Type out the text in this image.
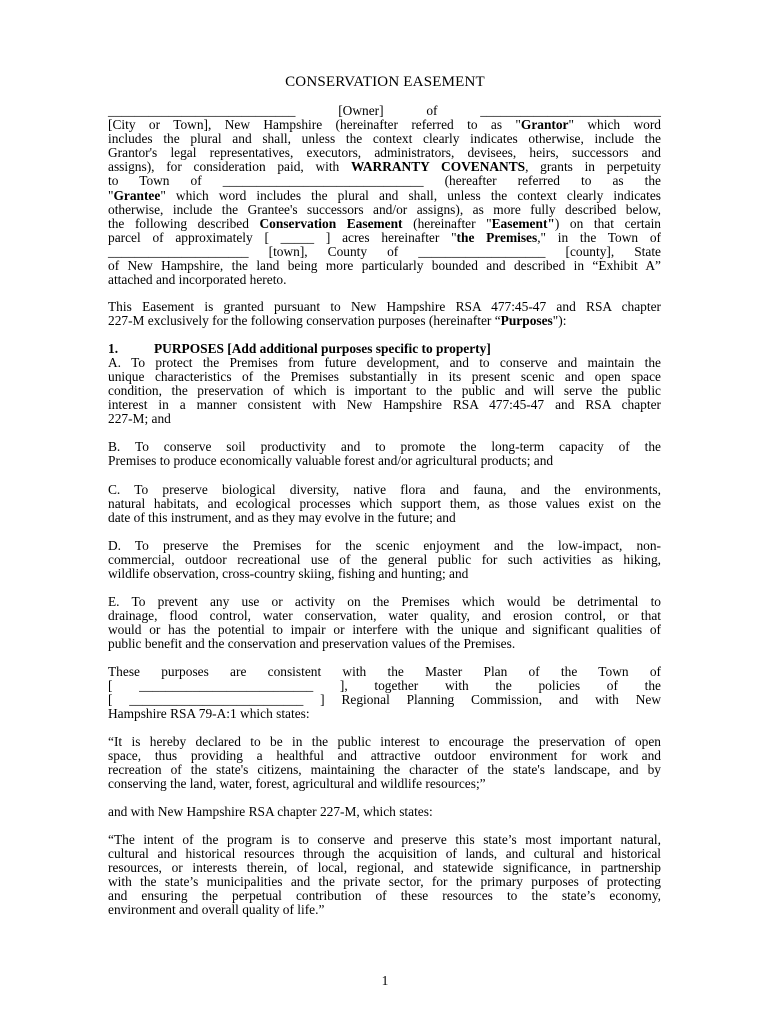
CONSERVATION EASEMENT
____________________________ [Owner] of ___________________________
[City or Town], New Hampshire (hereinafter referred to as "Grantor" which word
includes the plural and shall, unless the context clearly indicates otherwise, include the
Grantor's legal representatives, executors, administrators, devisees, heirs, successors and
assigns), for consideration paid, with WARRANTY COVENANTS, grants in perpetuity
to Town of ______________________________ (hereafter referred to as the
"Grantee" which word includes the plural and shall, unless the context clearly indicates
otherwise, include the Grantee's successors and/or assigns), as more fully described below,
the following described Conservation Easement (hereinafter "Easement") on that certain
parcel of approximately [ _____ ] acres hereinafter "the Premises," in the Town of
_____________________ [town], County of ___________________ [county], State
of New Hampshire, the land being more particularly bounded and described in “Exhibit A”
attached and incorporated hereto.
This Easement is granted pursuant to New Hampshire RSA 477:45-47 and RSA chapter
227-M exclusively for the following conservation purposes (hereinafter “Purposes"):
1.	PURPOSES [Add additional purposes specific to property]
A. To protect the Premises from future development, and to conserve and maintain the
unique characteristics of the Premises substantially in its present scenic and open space
condition, the preservation of which is important to the public and will serve the public
interest in a manner consistent with New Hampshire RSA 477:45-47 and RSA chapter
227-M; and
B. To conserve soil productivity and to promote the long-term capacity of the
Premises to produce economically valuable forest and/or agricultural products; and
C. To preserve biological diversity, native flora and fauna, and the environments,
natural habitats, and ecological processes which support them, as those values exist on the
date of this instrument, and as they may evolve in the future; and
D. To preserve the Premises for the scenic enjoyment and the low-impact, non-
commercial, outdoor recreational use of the general public for such activities as hiking,
wildlife observation, cross-country skiing, fishing and hunting; and
E. To prevent any use or activity on the Premises which would be detrimental to
drainage, flood control, water conservation, water quality, and erosion control, or that
would or has the potential to impair or interfere with the unique and significant qualities of
public benefit and the conservation and preservation values of the Premises.
These purposes are consistent with the Master Plan of the Town of
[ __________________________ ], together with the policies of the
[ __________________________ ] Regional Planning Commission, and with New
Hampshire RSA 79-A:1 which states:
“It is hereby declared to be in the public interest to encourage the preservation of open
space, thus providing a healthful and attractive outdoor environment for work and
recreation of the state's citizens, maintaining the character of the state's landscape, and by
conserving the land, water, forest, agricultural and wildlife resources;”
and with New Hampshire RSA chapter 227-M, which states:
“The intent of the program is to conserve and preserve this state’s most important natural,
cultural and historical resources through the acquisition of lands, and cultural and historical
resources, or interests therein, of local, regional, and statewide significance, in partnership
with the state’s municipalities and the private sector, for the primary purposes of protecting
and ensuring the perpetual contribution of these resources to the state’s economy,
environment and overall quality of life.”
1
